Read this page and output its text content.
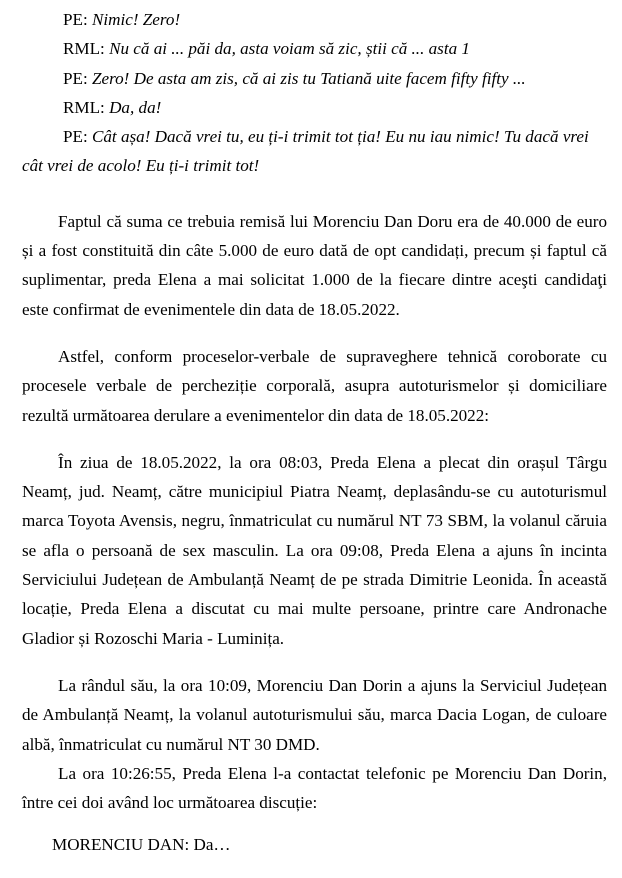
PE: Nimic! Zero!

RML: Nu că ai ... păi da, asta voiam să zic, știi că ... asta 1

PE: Zero! De asta am zis, că ai zis tu Tatiană uite facem fifty fifty ...

RML: Da, da!

PE: Cât așa! Dacă vrei tu, eu ți-i trimit tot ția! Eu nu iau nimic! Tu dacă vrei cât vrei de acolo! Eu ți-i trimit tot!

Faptul că suma ce trebuia remisă lui Morenciu Dan Doru era de 40.000 de euro și a fost constituită din câte 5.000 de euro dată de opt candidați, precum și faptul că suplimentar, preda Elena a mai solicitat 1.000 de la fiecare dintre aceşti candidaţi este confirmat de evenimentele din data de 18.05.2022.

Astfel, conform proceselor-verbale de supraveghere tehnică coroborate cu procesele verbale de percheziție corporală, asupra autoturismelor și domiciliare rezultă următoarea derulare a evenimentelor din data de 18.05.2022:

În ziua de 18.05.2022, la ora 08:03, Preda Elena a plecat din orașul Târgu Neamț, jud. Neamț, către municipiul Piatra Neamț, deplasându-se cu autoturismul marca Toyota Avensis, negru, înmatriculat cu numărul NT 73 SBM, la volanul căruia se afla o persoană de sex masculin. La ora 09:08, Preda Elena a ajuns în incinta Serviciului Județean de Ambulanță Neamț de pe strada Dimitrie Leonida. În această locație, Preda Elena a discutat cu mai multe persoane, printre care Andronache Gladior și Rozoschi Maria - Luminița.

La rândul său, la ora 10:09, Morenciu Dan Dorin a ajuns la Serviciul Județean de Ambulanță Neamț, la volanul autoturismului său, marca Dacia Logan, de culoare albă, înmatriculat cu numărul NT 30 DMD.

La ora 10:26:55, Preda Elena l-a contactat telefonic pe Morenciu Dan Dorin, între cei doi având loc următoarea discuție:

MORENCIU DAN: Da…
